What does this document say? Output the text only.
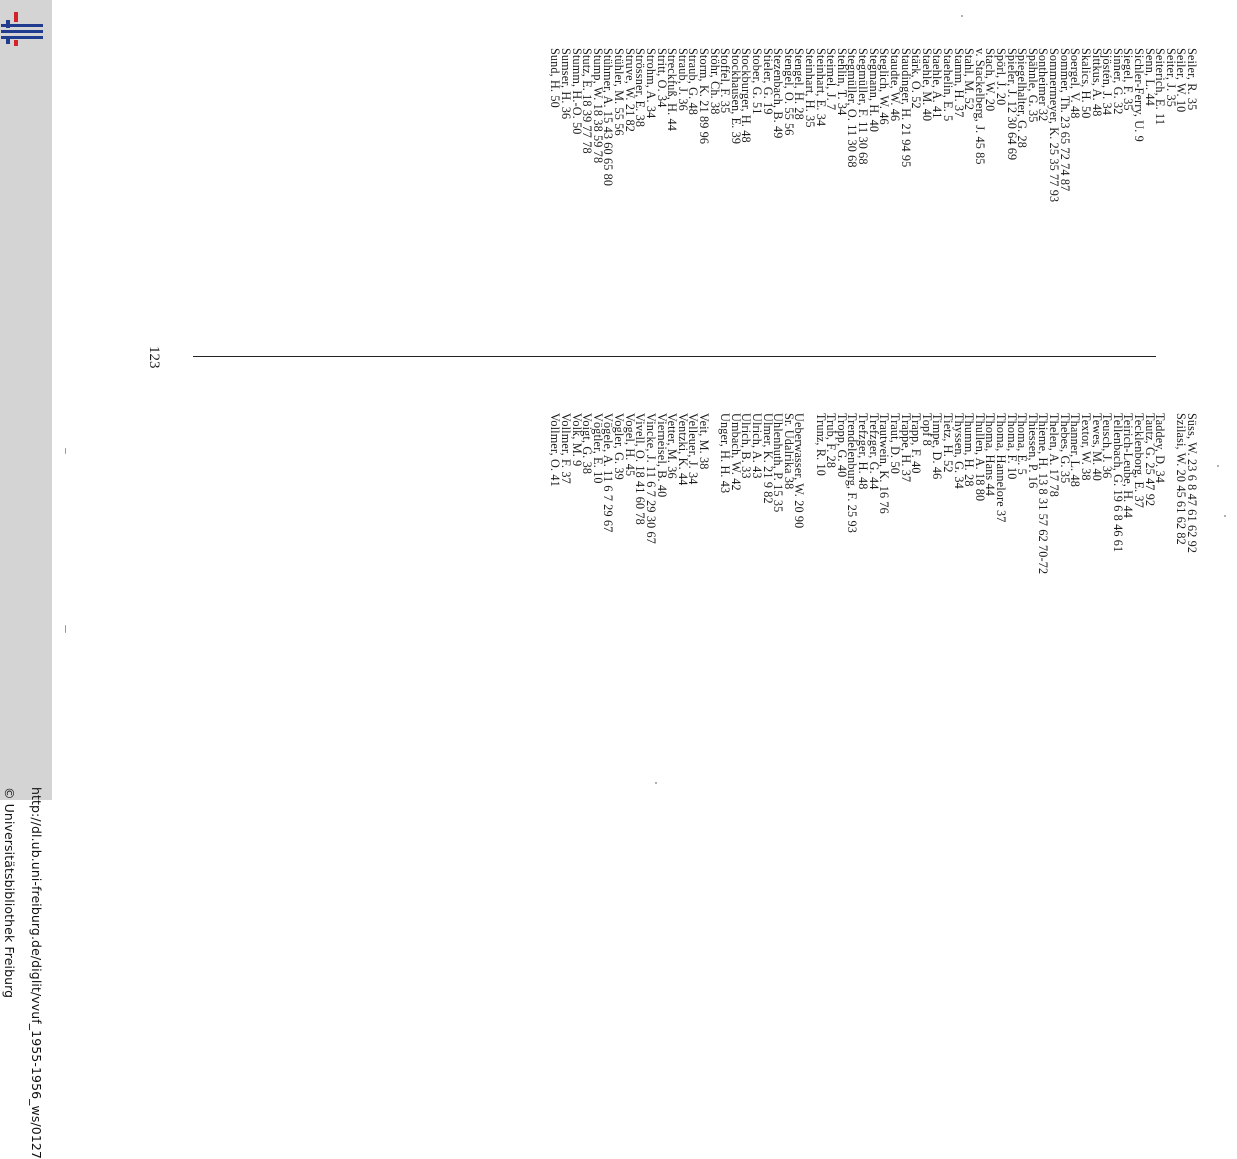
http://dl.ub.uni-freiburg.de/diglit/vvuf_1955-1956_ws/0127
© Universitätsbibliothek Freiburg
Seiler, R. 35
Seiler, W. 10
Seiter, J. 35
Seiterich, E. 11
Senn, L. 44
Sichler-Ferry, U. 9
Siegel, F. 35
Sinner, G. 32
Sjöstén, J. 34
Sittkus, A. 48
Skalics, H. 50
Soergel, V. 48
Sommer, Th. 23 65 72 74 87
Sommermeyer, K. 25 35 77 93
Sontheimer 32
Spähnle, G. 35
Spiegelhalter, G. 28
Spieler, J. 12 30 64 69
Spörl, J. 20
Stach, W. 20
v. Stackelberg, J. 45 85
Stahl, M. 52
Stamm, H. 37
Staehelin, E. 5
Staehle, A. 41
Staehle, M. 40
Stärk, O. 52
Staudinger, H. 21 94 95
Staudte, W. 46
Steglich, W. 46
Stegmann, H. 40
Stegmüller, F. 11 30 68
Stegmüller, O. 11 30 68
Stehlin, T. 34
Steimel, J. 7
Steinhart, E. 34
Steinhart, H. 35
Stengel, H. 28
Stengel, O. 55 56
Stezenbach, B. 49
Stieler, G. 19
Stober, G. 51
Stockburger, H. 48
Stockhausen, E. 39
Stoffel, F. 35
Stöhr, Ch. 38
Storm, K. 21 89 96
Straub, G. 48
Straub, J. 36
Streckfuß, H. 44
Stritt, O. 34
Strohm, A. 34
Strössner, E. 38
Struve, W. 21 82
Stühler, M. 55 56
Stühmer, A. 15 43 60 65 80
Stump, W. 18 38 59 78
Stutz, E. 18 39 77 78
Stumm, H.-O. 50
Sumser, H. 36
Sund, H. 50
Süss, W. 23 6 8 47 61 62 92
Szilasi, W. 20 45 61 62 82
Taddey, D. 34
Tautz, G. 25 47 92
Tecklenborg, E. 37
Teirich-Leube, H. 44
Tellenbach, G. 19 6 8 46 61
Teusch, J. 36
Tewes, M. 40
Textor, W. 38
Thanner, L. 48
Thebes, G. 35
Thelen, A. 17 78
Thieme, H. 13 8 31 57 62 70-72
Thiessen, P. 16
Thoma, E. 5
Thoma, F. 10
Thoma, Hannelore 37
Thoma, Hans 44
Thullen, A. 18 80
Thumm, H. 28
Thyssen, G. 34
Tietz, H. 52
Timpe, D. 46
Topf 8
Trapp, F. 40
Trappe, H. 37
Traut, D. 50
Trautwein, K. 16 76
Trefzger, G. 44
Trefzger, H. 48
Trendelenburg, F. 25 93
Tropp, G. 40
Trub, F. 28
Trunz, R. 10
Ueberwasser, W. 20 90
Sr. Udalrika 38
Uhlenhuth, P. 15 35
Ulmer, K. 21 9 82
Ulrich, A. 43
Ulrich, B. 33
Umbach, W. 42
Unger, H. H. 43
Veit, M. 38
Velleuer, J. 34
Ventzki, K. 44
Vetter, M. 36
Vierneisel, B. 40
Vincke, J. 11 6 7 29 30 67
Vivell, O. 18 41 60 78
Vogel, H. 45
Vogler, G. 39
Vögele, A. 11 6 7 29 67
Vögtler, E. 10
Voigt, G. 38
Volk, M. 9
Vollmer, F. 37
Vollmer, O. 41
123
